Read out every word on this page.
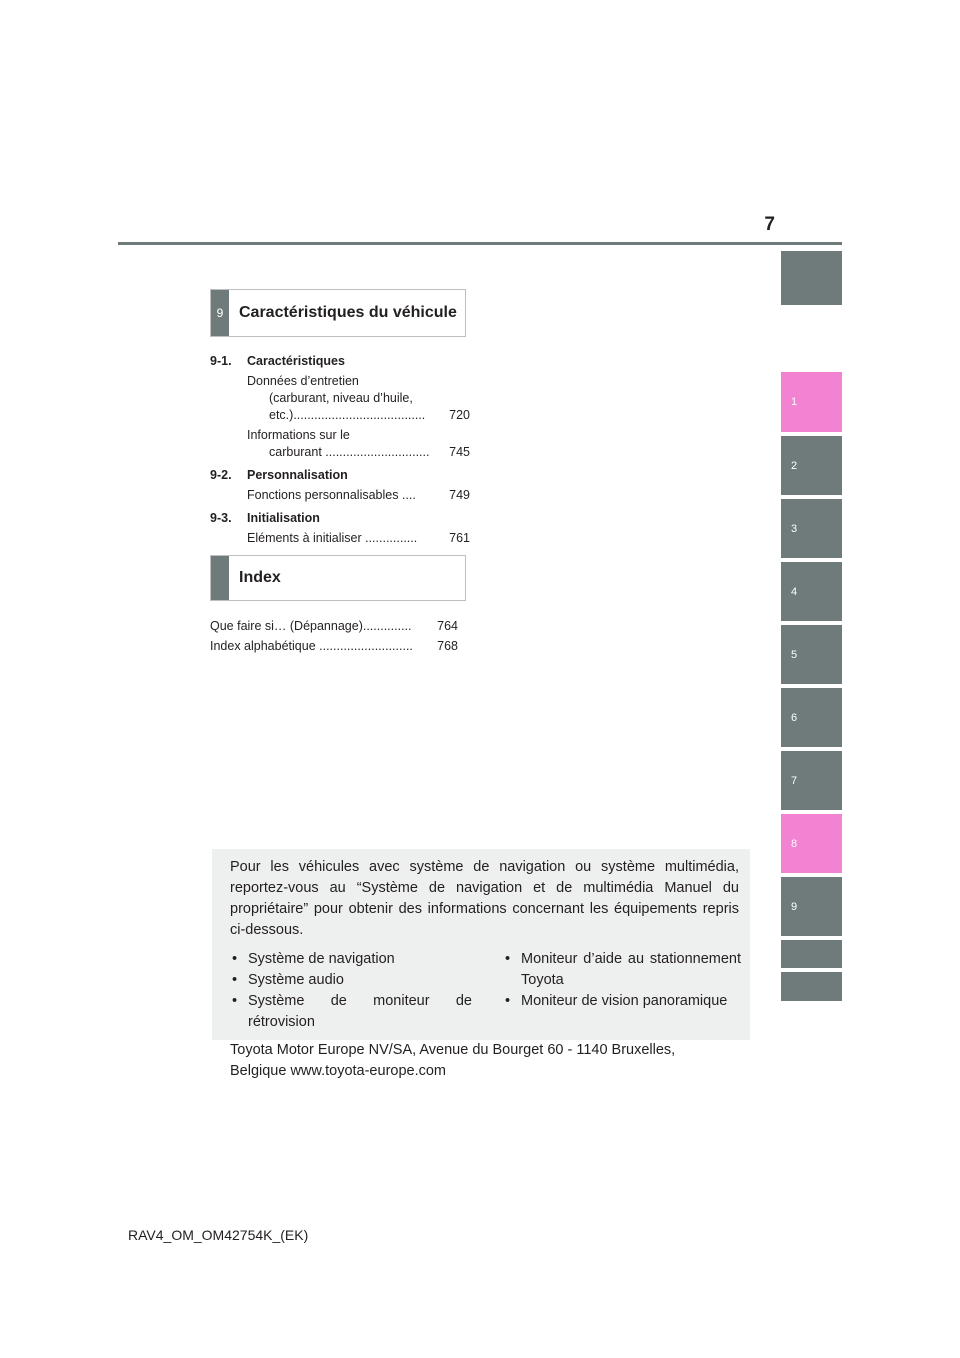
7
1
2
3
4
5
6
7
8
9
9 Caractéristiques du véhicule
9-1.	Caractéristiques
Données d’entretien
(carburant, niveau d’huile,
etc.) ......................................	720
Informations sur le
carburant ..............................	745
9-2.	Personnalisation
Fonctions personnalisables ....	749
9-3.	Initialisation
Eléments à initialiser ...............	761
Index
Que faire si… (Dépannage) ..............	764
Index alphabétique ...........................	768
Pour les véhicules avec système de navigation ou système multimédia, reportez-vous au “Système de navigation et de multimédia Manuel du propriétaire” pour obtenir des informations concernant les équipements repris ci-dessous.
• Système de navigation
• Système audio
• Système de moniteur de rétrovision
• Moniteur d’aide au stationnement Toyota
• Moniteur de vision panoramique
Toyota Motor Europe NV/SA, Avenue du Bourget 60 - 1140 Bruxelles,
Belgique www.toyota-europe.com
RAV4_OM_OM42754K_(EK)
